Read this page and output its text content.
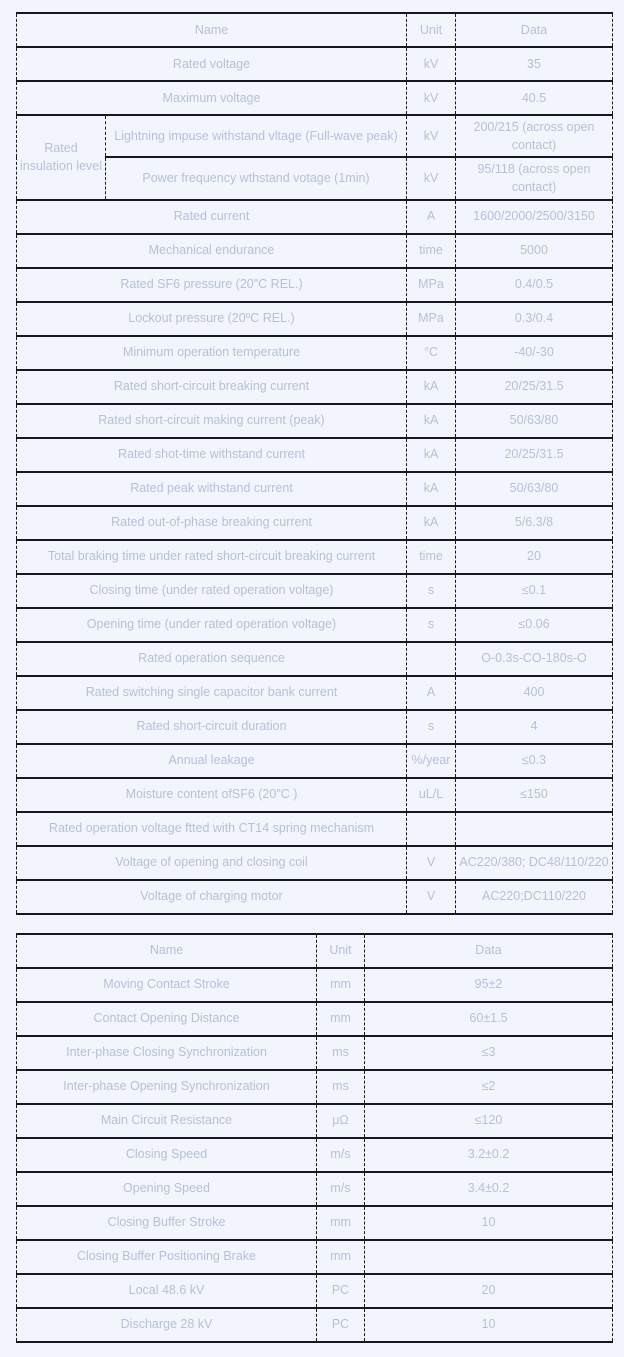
Name		Unit	Data
Rated voltage		kV	35
Maximum voltage		kV	40.5
Rated insulation level	Lightning impuse withstand vltage (Full-wave peak)	kV	200/215 (across open contact)
	Power frequency wthstand votage (1min)	kV	95/118 (across open contact)
Rated current		A	1600/2000/2500/3150
Mechanical endurance		time	5000
Rated SF6 pressure (20"C REL.)		MPa	0.4/0.5
Lockout pressure (20ºC REL.)		MPa	0.3/0.4
Minimum operation temperature		°C	-40/-30
Rated short-circuit breaking current		kA	20/25/31.5
Rated short-circuit making current (peak)		kA	50/63/80
Rated shot-time withstand current		kA	20/25/31.5
Rated peak withstand current		kA	50/63/80
Rated out-of-phase breaking current		kA	5/6.3/8
Total braking time under rated short-circuit breaking current		time	20
Closing time (under rated operation voltage)		s	≤0.1
Opening time (under rated operation voltage)		s	≤0.06
Rated operation sequence			O-0.3s-CO-180s-O
Rated switching single capacitor bank current		A	400
Rated short-circuit duration		s	4
Annual leakage		%/year	≤0.3
Moisture content ofSF6 (20"C )		uL/L	≤150
Rated operation voltage ftted with CT14 spring mechanism			
Voltage of opening and closing coil		V	AC220/380; DC48/110/220
Voltage of charging motor		V	AC220;DC110/220
Name	Unit	Data
Moving Contact Stroke	mm	95±2
Contact Opening Distance	mm	60±1.5
Inter-phase Closing Synchronization	ms	≤3
Inter-phase Opening Synchronization	ms	≤2
Main Circuit Resistance	μΩ	≤120
Closing Speed	m/s	3.2±0.2
Opening Speed	m/s	3.4±0.2
Closing Buffer Stroke	mm	10
Closing Buffer Positioning Brake	mm	
Local 48.6 kV	PC	20
Discharge 28 kV	PC	10
